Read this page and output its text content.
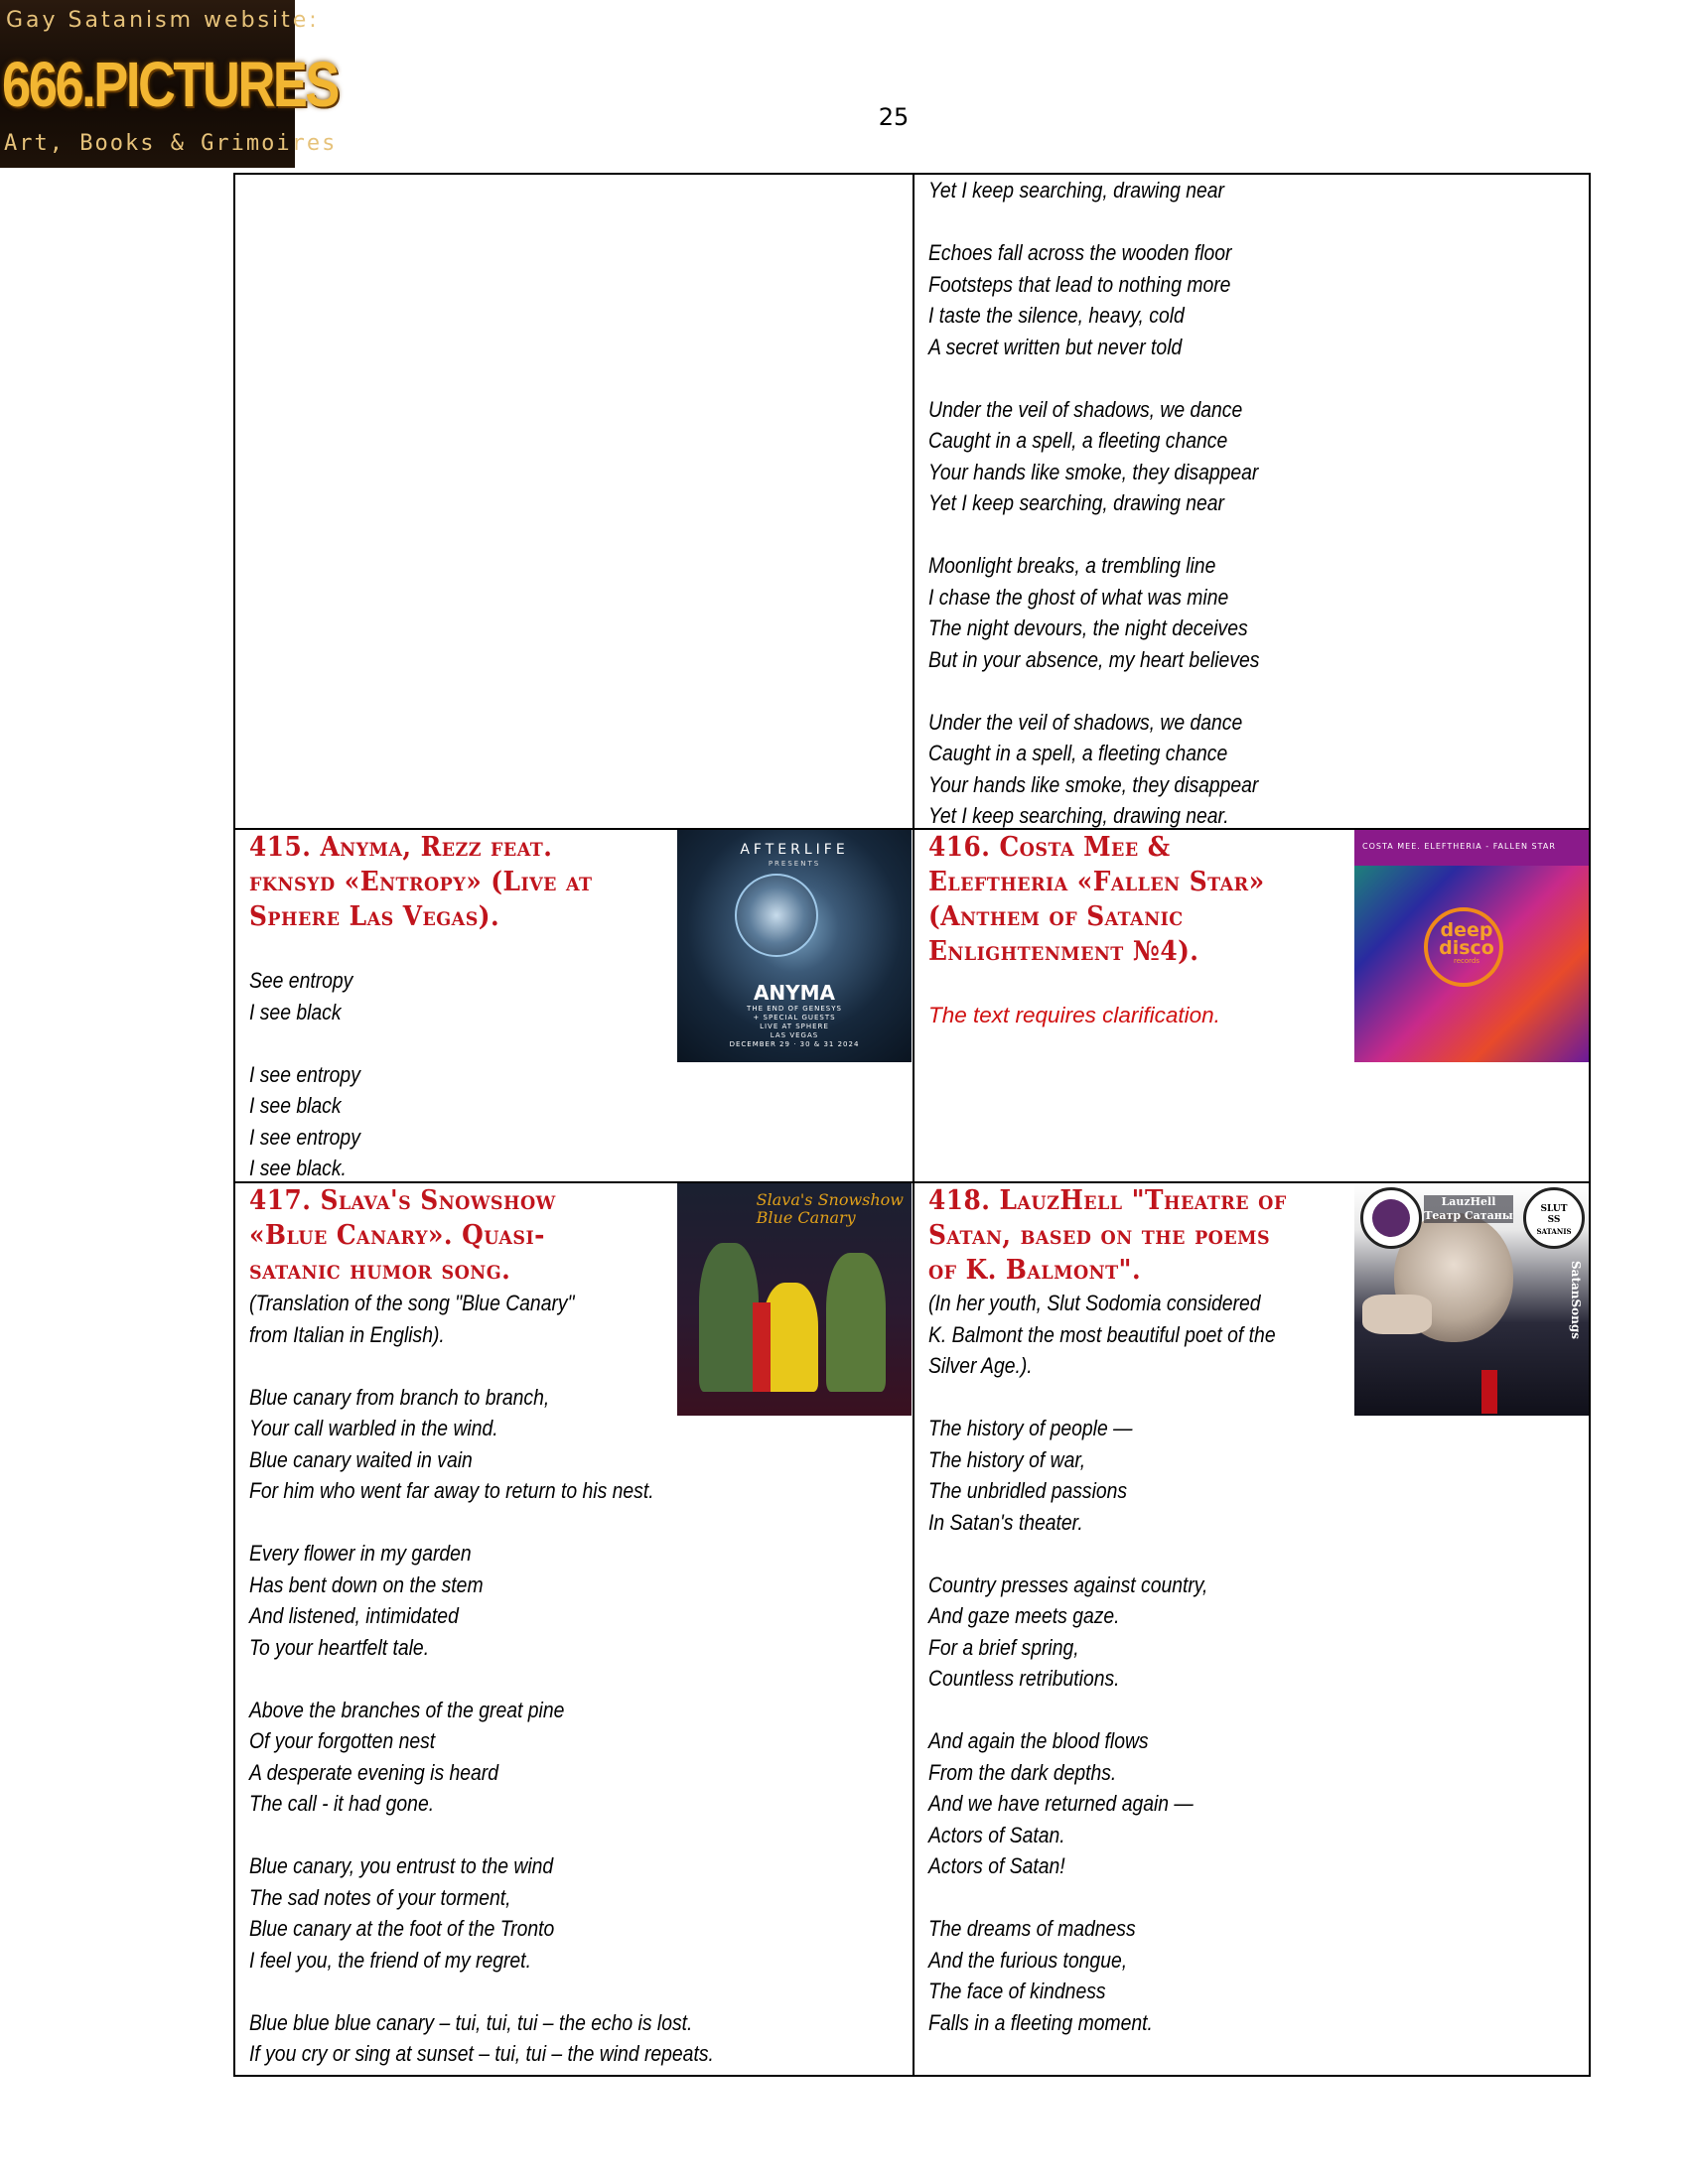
Gay Satanism website:
666.PICTURES
Art, Books & Grimoires
25
Yet I keep searching, drawing near
Echoes fall across the wooden floor
Footsteps that lead to nothing more
I taste the silence, heavy, cold
A secret written but never told
Under the veil of shadows, we dance
Caught in a spell, a fleeting chance
Your hands like smoke, they disappear
Yet I keep searching, drawing near
Moonlight breaks, a trembling line
I chase the ghost of what was mine
The night devours, the night deceives
But in your absence, my heart believes
Under the veil of shadows, we dance
Caught in a spell, a fleeting chance
Your hands like smoke, they disappear
Yet I keep searching, drawing near.
415. Anyma, Rezz feat.
fknsyd «Entropy» (Live at
Sphere Las Vegas).
See entropy
I see black
I see entropy
I see black
I see entropy
I see black.
AFTERLIFE
PRESENTS
ANYMA
THE END OF GENESYS
+ SPECIAL GUESTS
LIVE AT SPHERE
LAS VEGAS
DECEMBER 29 · 30 & 31 2024
416. Costa Mee &
Eleftheria «Fallen Star»
(Anthem of Satanic
Enlightenment №4).
The text requires clarification.
COSTA MEE. ELEFTHERIA - FALLEN STAR
deep
disco
records
417. Slava's Snowshow
«Blue Canary». Quasi-
satanic humor song.
(Translation of the song "Blue Canary"
from Italian in English).
Blue canary from branch to branch,
Your call warbled in the wind.
Blue canary waited in vain
For him who went far away to return to his nest.
Every flower in my garden
Has bent down on the stem
And listened, intimidated
To your heartfelt tale.
Above the branches of the great pine
Of your forgotten nest
A desperate evening is heard
The call - it had gone.
Blue canary, you entrust to the wind
The sad notes of your torment,
Blue canary at the foot of the Tronto
I feel you, the friend of my regret.
Blue blue blue canary – tui, tui, tui – the echo is lost.
If you cry or sing at sunset – tui, tui – the wind repeats.
Slava's Snowshow
Blue Canary
418. LauzHell "Theatre of
Satan, based on the poems
of K. Balmont".
(In her youth, Slut Sodomia considered
K. Balmont the most beautiful poet of the
Silver Age.).
The history of people —
The history of war,
The unbridled passions
In Satan's theater.
Country presses against country,
And gaze meets gaze.
For a brief spring,
Countless retributions.
And again the blood flows
From the dark depths.
And we have returned again —
Actors of Satan.
Actors of Satan!
The dreams of madness
And the furious tongue,
The face of kindness
Falls in a fleeting moment.
SLUT
SS
SATANIS
LauzHell
Театр Сатаны
SatanSongs
